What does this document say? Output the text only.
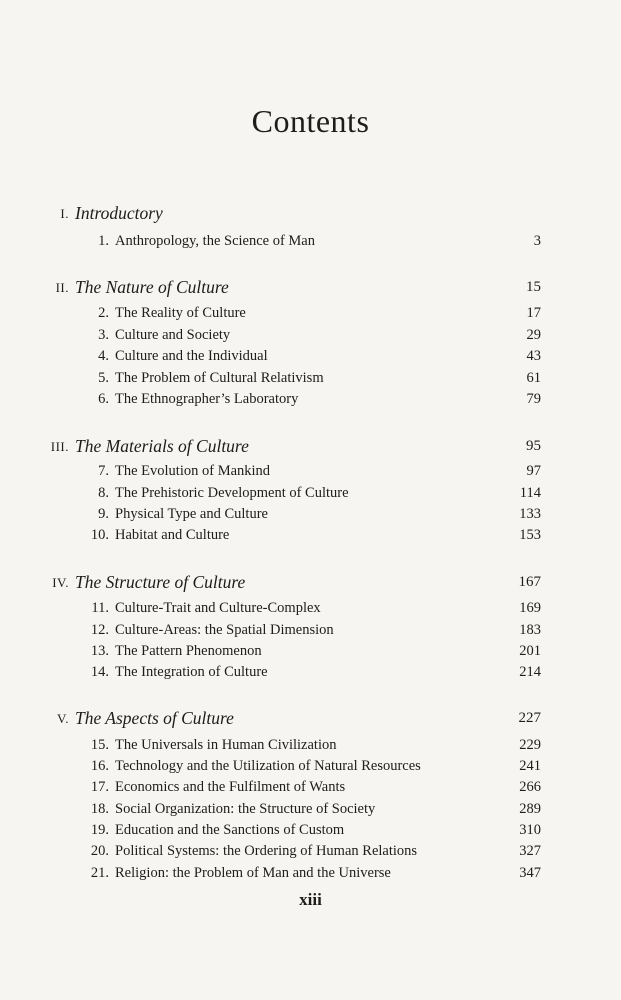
Contents
I. Introductory
1. Anthropology, the Science of Man	3
II. The Nature of Culture	15
2. The Reality of Culture	17
3. Culture and Society	29
4. Culture and the Individual	43
5. The Problem of Cultural Relativism	61
6. The Ethnographer’s Laboratory	79
III. The Materials of Culture	95
7. The Evolution of Mankind	97
8. The Prehistoric Development of Culture	114
9. Physical Type and Culture	133
10. Habitat and Culture	153
IV. The Structure of Culture	167
11. Culture-Trait and Culture-Complex	169
12. Culture-Areas: the Spatial Dimension	183
13. The Pattern Phenomenon	201
14. The Integration of Culture	214
V. The Aspects of Culture	227
15. The Universals in Human Civilization	229
16. Technology and the Utilization of Natural Resources	241
17. Economics and the Fulfilment of Wants	266
18. Social Organization: the Structure of Society	289
19. Education and the Sanctions of Custom	310
20. Political Systems: the Ordering of Human Relations	327
21. Religion: the Problem of Man and the Universe	347
xiii
